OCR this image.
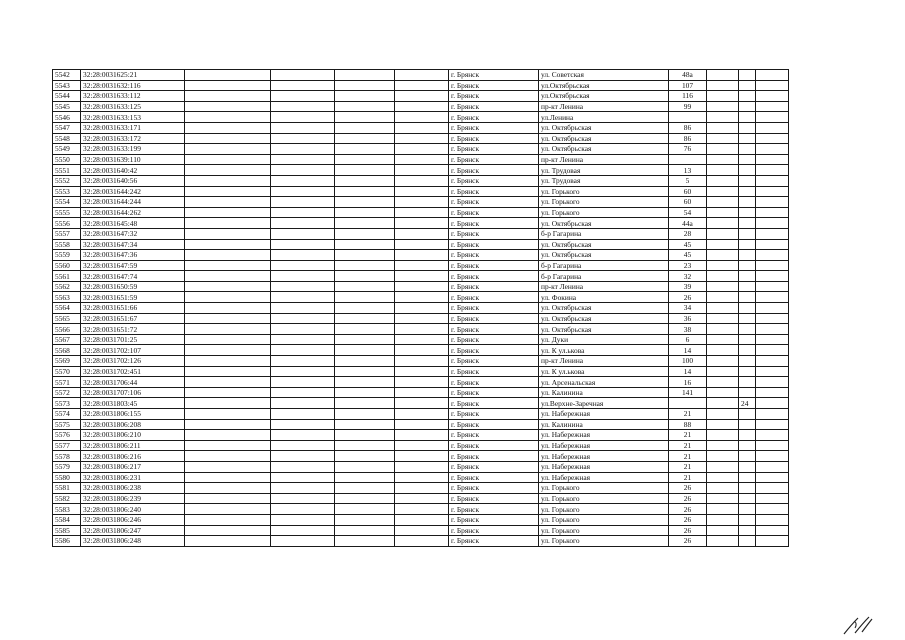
5542	32:28:0031625:21					г. Брянск	ул. Советская	48а			
5543	32:28:0031632:116					г. Брянск	ул.Октябрьская	107			
5544	32:28:0031633:112					г. Брянск	ул.Октябрьская	116			
5545	32:28:0031633:125					г. Брянск	пр-кт Ленина	99			
5546	32:28:0031633:153					г. Брянск	ул.Ленина				
5547	32:28:0031633:171					г. Брянск	ул. Октябрьская	86			
5548	32:28:0031633:172					г. Брянск	ул. Октябрьская	86			
5549	32:28:0031633:199					г. Брянск	ул. Октябрьская	76			
5550	32:28:0031639:110					г. Брянск	пр-кт Ленина				
5551	32:28:0031640:42					г. Брянск	ул. Трудовая	13			
5552	32:28:0031640:56					г. Брянск	ул. Трудовая	5			
5553	32:28:0031644:242					г. Брянск	ул. Горького	60			
5554	32:28:0031644:244					г. Брянск	ул. Горького	60			
5555	32:28:0031644:262					г. Брянск	ул. Горького	54			
5556	32:28:0031645:48					г. Брянск	ул. Октябрьская	44а			
5557	32:28:0031647:32					г. Брянск	б-р Гагарина	28			
5558	32:28:0031647:34					г. Брянск	ул. Октябрьская	45			
5559	32:28:0031647:36					г. Брянск	ул. Октябрьская	45			
5560	32:28:0031647:59					г. Брянск	б-р Гагарина	23			
5561	32:28:0031647:74					г. Брянск	б-р Гагарина	32			
5562	32:28:0031650:59					г. Брянск	пр-кт Ленина	39			
5563	32:28:0031651:59					г. Брянск	ул. Фокина	26			
5564	32:28:0031651:66					г. Брянск	ул. Октябрьская	34			
5565	32:28:0031651:67					г. Брянск	ул. Октябрьская	36			
5566	32:28:0031651:72					г. Брянск	ул. Октябрьская	38			
5567	32:28:0031701:25					г. Брянск	ул. Дуки	6			
5568	32:28:0031702:107					г. Брянск	ул. К ул.ькова	14			
5569	32:28:0031702:126					г. Брянск	пр-кт Ленина	100			
5570	32:28:0031702:451					г. Брянск	ул. К ул.ькова	14			
5571	32:28:0031706:44					г. Брянск	ул. Арсенальская	16			
5572	32:28:0031707:106					г. Брянск	ул. Калинина	141			
5573	32:28:0031803:45					г. Брянск	ул.Верхне-Заречная			24	
5574	32:28:0031806:155					г. Брянск	ул. Набережная	21			
5575	32:28:0031806:208					г. Брянск	ул. Калинина	88			
5576	32:28:0031806:210					г. Брянск	ул. Набережная	21			
5577	32:28:0031806:211					г. Брянск	ул. Набережная	21			
5578	32:28:0031806:216					г. Брянск	ул. Набережная	21			
5579	32:28:0031806:217					г. Брянск	ул. Набережная	21			
5580	32:28:0031806:231					г. Брянск	ул. Набережная	21			
5581	32:28:0031806:238					г. Брянск	ул. Горького	26			
5582	32:28:0031806:239					г. Брянск	ул. Горького	26			
5583	32:28:0031806:240					г. Брянск	ул. Горького	26			
5584	32:28:0031806:246					г. Брянск	ул. Горького	26			
5585	32:28:0031806:247					г. Брянск	ул. Горького	26			
5586	32:28:0031806:248					г. Брянск	ул. Горького	26			
